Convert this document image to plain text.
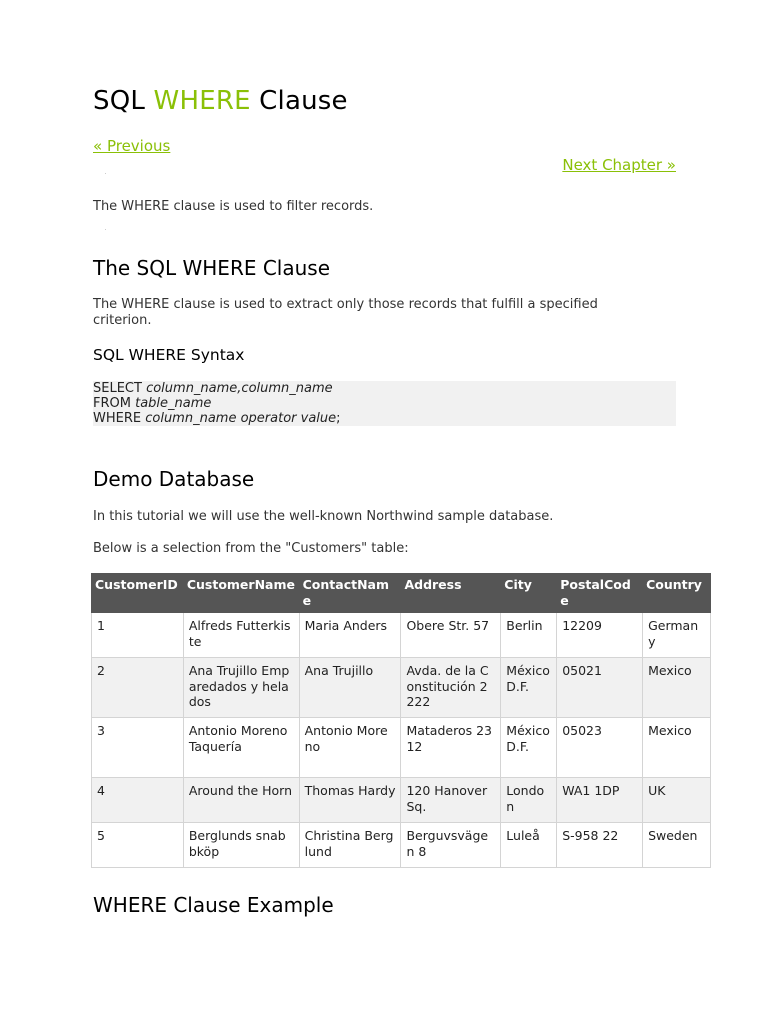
SQL WHERE Clause
« Previous
Next Chapter »

The WHERE clause is used to filter records.

The SQL WHERE Clause

The WHERE clause is used to extract only those records that fulfill a specified criterion.

SQL WHERE Syntax
SELECT column_name,column_name
FROM table_name
WHERE column_name operator value;
Demo Database

In this tutorial we will use the well-known Northwind sample database.

Below is a selection from the "Customers" table:

CustomerID	CustomerName	ContactName	Address	City	PostalCode	Country
1	Alfreds Futterkiste	Maria Anders	Obere Str. 57	Berlin	12209	Germany
2	Ana Trujillo Emparedados y helados	Ana Trujillo	Avda. de la Constitución 2222	México D.F.	05021	Mexico
3	Antonio Moreno Taquería	Antonio Moreno	Mataderos 2312	México D.F.	05023	Mexico
4	Around the Horn	Thomas Hardy	120 Hanover Sq.	London	WA1 1DP	UK
5	Berglunds snabbköp	Christina Berglund	Berguvsvägen 8	Luleå	S-958 22	Sweden
WHERE Clause Example
